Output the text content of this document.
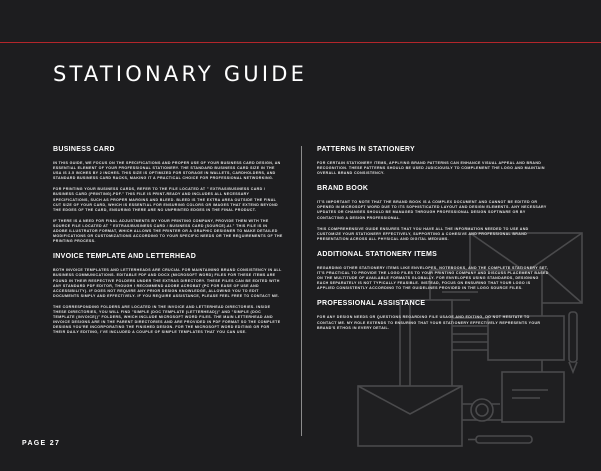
STATIONARY GUIDE
BUSINESS CARD

IN THIS GUIDE, WE FOCUS ON THE SPECIFICATIONS AND PROPER USE OF YOUR BUSINESS CARD DESIGN, AN ESSENTIAL ELEMENT OF YOUR PROFESSIONAL STATIONERY. THE STANDARD BUSINESS CARD SIZE IN THE USA IS 3.5 INCHES BY 2 INCHES. THIS SIZE IS OPTIMIZED FOR STORAGE IN WALLETS, CARDHOLDERS, AND STANDARD BUSINESS CARD RACKS, MAKING IT A PRACTICAL CHOICE FOR PROFESSIONAL NETWORKING.

FOR PRINTING YOUR BUSINESS CARDS, REFER TO THE FILE LOCATED AT " EXTRAS/BUSINESS CARD / BUSINESS CARD (PRINTING).PDF." THIS FILE IS PRINT-READY AND INCLUDES ALL NECESSARY SPECIFICATIONS, SUCH AS PROPER MARGINS AND BLEED. BLEED IS THE EXTRA AREA OUTSIDE THE FINAL CUT SIZE OF YOUR CARD, WHICH IS ESSENTIAL FOR ENSURING COLORS OR IMAGES THAT EXTEND BEYOND THE EDGES OF THE CARD, ENSURING THERE ARE NO UNPRINTED EDGES IN THE FINAL PRODUCT.

IF THERE IS A NEED FOR FINAL ADJUSTMENTS BY YOUR PRINTING COMPANY, PROVIDE THEM WITH THE SOURCE FILE LOCATED AT " EXTRAS/BUSINESS CARD / BUSINESS CARD (SOURCE).AI." THIS FILE IS IN ADOBE ILLUSTRATOR FORMAT, WHICH ALLOWS THE PRINTER OR A GRAPHIC DESIGNER TO MAKE DETAILED MODIFICATIONS OR CUSTOMIZATIONS ACCORDING TO YOUR SPECIFIC NEEDS OR THE REQUIREMENTS OF THE PRINTING PROCESS.

INVOICE TEMPLATE AND LETTERHEAD

BOTH INVOICE TEMPLATES AND LETTERHEADS ARE CRUCIAL FOR MAINTAINING BRAND CONSISTENCY IN ALL BUSINESS COMMUNICATIONS. EDITABLE PDF AND DOCX (MICROSOFT WORD) FILES FOR THESE ITEMS ARE FOUND IN THEIR RESPECTIVE FOLDERS UNDER THE EXTRAS DIRECTORY. THESE FILES CAN BE EDITED WITH ANY STANDARD PDF EDITOR, THOUGH I RECOMMEND ADOBE ACROBAT (PC FOR EASE OF USE AND ACCESSIBILITY). IF DOES NOT REQUIRE ANY PRIOR DESIGN KNOWLEDGE, ALLOWING YOU TO EDIT DOCUMENTS SIMPLY AND EFFECTIVELY. IF YOU REQUIRE ASSISTANCE, PLEASE FEEL FREE TO CONTACT ME.

THE CORRESPONDING FOLDERS ARE LOCATED IN THE INVOICE AND LETTERHEAD DIRECTORIES. INSIDE THESE DIRECTORIES, YOU WILL FIND "SIMPLE (DOC TEMPLATE (LETTERHEAD))" AND "SIMPLE (DOC TEMPLATE (INVOICE))" FOLDERS, WHICH INCLUDE MICROSOFT WORD FILES. THE MAIN LETTERHEAD AND INVOICE DESIGNS ARE IN THE PARENT DIRECTORIES AND ARE PROVIDED IN PDF FORMAT SO THE COMPLETE DESIGNS YOU'RE INCORPORATING THE FINISHED DESIGN. FOR THE MICROSOFT WORD EDITING OR FOR THEIR DAILY EDITING, I'VE INCLUDED A COUPLE OF SIMPLE TEMPLATES THAT YOU CAN USE.

PATTERNS IN STATIONERY

FOR CERTAIN STATIONERY ITEMS, APPLYING BRAND PATTERNS CAN ENHANCE VISUAL APPEAL AND BRAND RECOGNITION. THESE PATTERNS SHOULD BE USED JUDICIOUSLY TO COMPLEMENT THE LOGO AND MAINTAIN OVERALL BRAND CONSISTENCY.

BRAND BOOK

IT'S IMPORTANT TO NOTE THAT THE BRAND BOOK IS A COMPLEX DOCUMENT AND CANNOT BE EDITED OR OPENED IN MICROSOFT WORD DUE TO ITS SOPHISTICATED LAYOUT AND DESIGN ELEMENTS. ANY NECESSARY UPDATES OR CHANGES SHOULD BE MANAGED THROUGH PROFESSIONAL DESIGN SOFTWARE OR BY CONTACTING A DESIGN PROFESSIONAL.

THIS COMPREHENSIVE GUIDE ENSURES THAT YOU HAVE ALL THE INFORMATION NEEDED TO USE AND CUSTOMIZE YOUR STATIONERY EFFECTIVELY, SUPPORTING A COHESIVE AND PROFESSIONAL BRAND PRESENTATION ACROSS ALL PHYSICAL AND DIGITAL MEDIUMS.

ADDITIONAL STATIONERY ITEMS

REGARDING OTHER STATIONERY ITEMS LIKE ENVELOPES, NOTEBOOKS, AND THE COMPLETE STATIONERY SET, IT'S PRACTICAL TO PROVIDE THE LOGO FILES TO YOUR PRINTING COMPANY AND DISCUSS PLACEMENT BASED ON THE MULTITUDE OF AVAILABLE FORMATS GLOBALLY. FOR ENVELOPES USING STANDARDS, DESIGNING EACH SEPARATELY IS NOT TYPICALLY FEASIBLE. INSTEAD, FOCUS ON ENSURING THAT YOUR LOGO IS APPLIED CONSISTENTLY ACCORDING TO THE GUIDELINES PROVIDED IN THE LOGO SOURCE FILES.

PROFESSIONAL ASSISTANCE

FOR ANY DESIGN NEEDS OR QUESTIONS REGARDING FILE USAGE AND EDITING, DO NOT HESITATE TO CONTACT ME. MY ROLE EXTENDS TO ENSURING THAT YOUR STATIONERY EFFECTIVELY REPRESENTS YOUR BRAND'S ETHOS IN EVERY DETAIL.

PAGE 27
